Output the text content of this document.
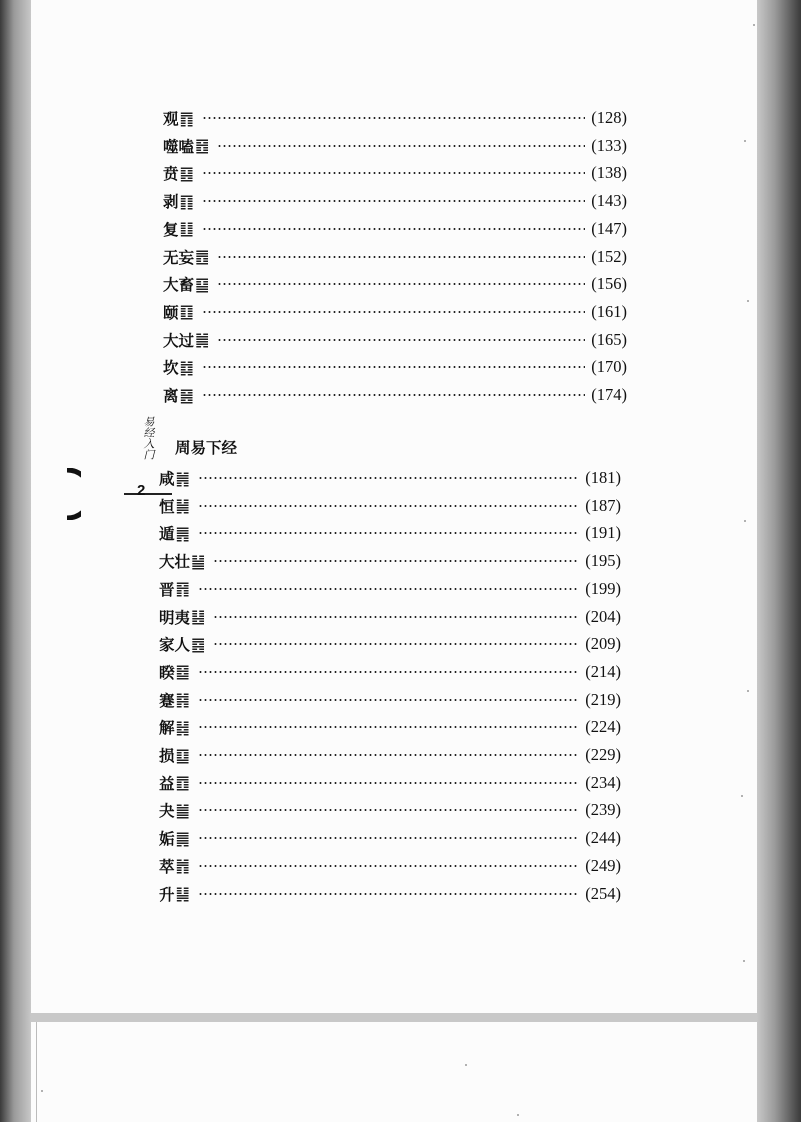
观 ䷓	(128)
噬嗑 ䷔	(133)
贲 ䷕	(138)
剥 ䷖	(143)
复 ䷗	(147)
无妄 ䷘	(152)
大畜 ䷙	(156)
颐 ䷚	(161)
大过 ䷛	(165)
坎 ䷜	(170)
离 ䷝	(174)
周易下经
咸 ䷞	(181)
恒 ䷟	(187)
遁 ䷠	(191)
大壮 ䷡	(195)
晋 ䷢	(199)
明夷 ䷣	(204)
家人 ䷤	(209)
睽 ䷥	(214)
蹇 ䷦	(219)
解 ䷧	(224)
损 ䷨	(229)
益 ䷩	(234)
夬 ䷪	(239)
姤 ䷫	(244)
萃 ䷬	(249)
升 ䷭	(254)
易经入门
2
